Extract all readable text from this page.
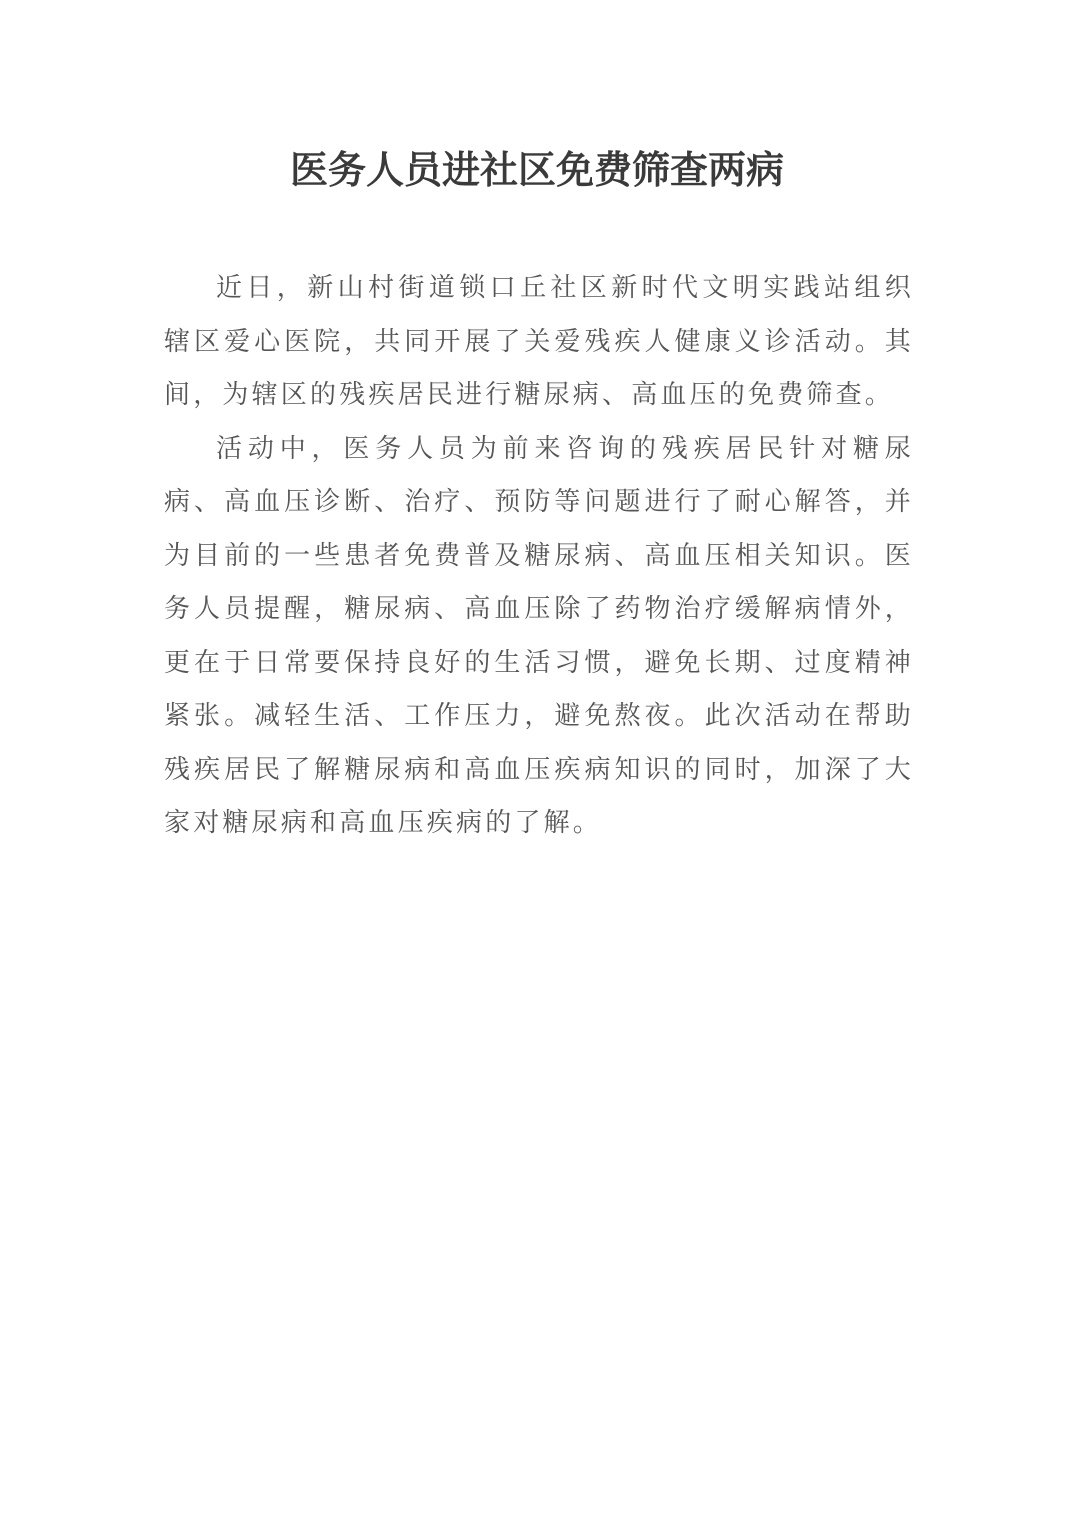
医务人员进社区免费筛查两病

近日，新山村街道锁口丘社区新时代文明实践站组织辖区爱心医院，共同开展了关爱残疾人健康义诊活动。其间，为辖区的残疾居民进行糖尿病、高血压的免费筛查。

活动中，医务人员为前来咨询的残疾居民针对糖尿病、高血压诊断、治疗、预防等问题进行了耐心解答，并为目前的一些患者免费普及糖尿病、高血压相关知识。医务人员提醒，糖尿病、高血压除了药物治疗缓解病情外，更在于日常要保持良好的生活习惯，避免长期、过度精神紧张。减轻生活、工作压力，避免熬夜。此次活动在帮助残疾居民了解糖尿病和高血压疾病知识的同时，加深了大家对糖尿病和高血压疾病的了解。
